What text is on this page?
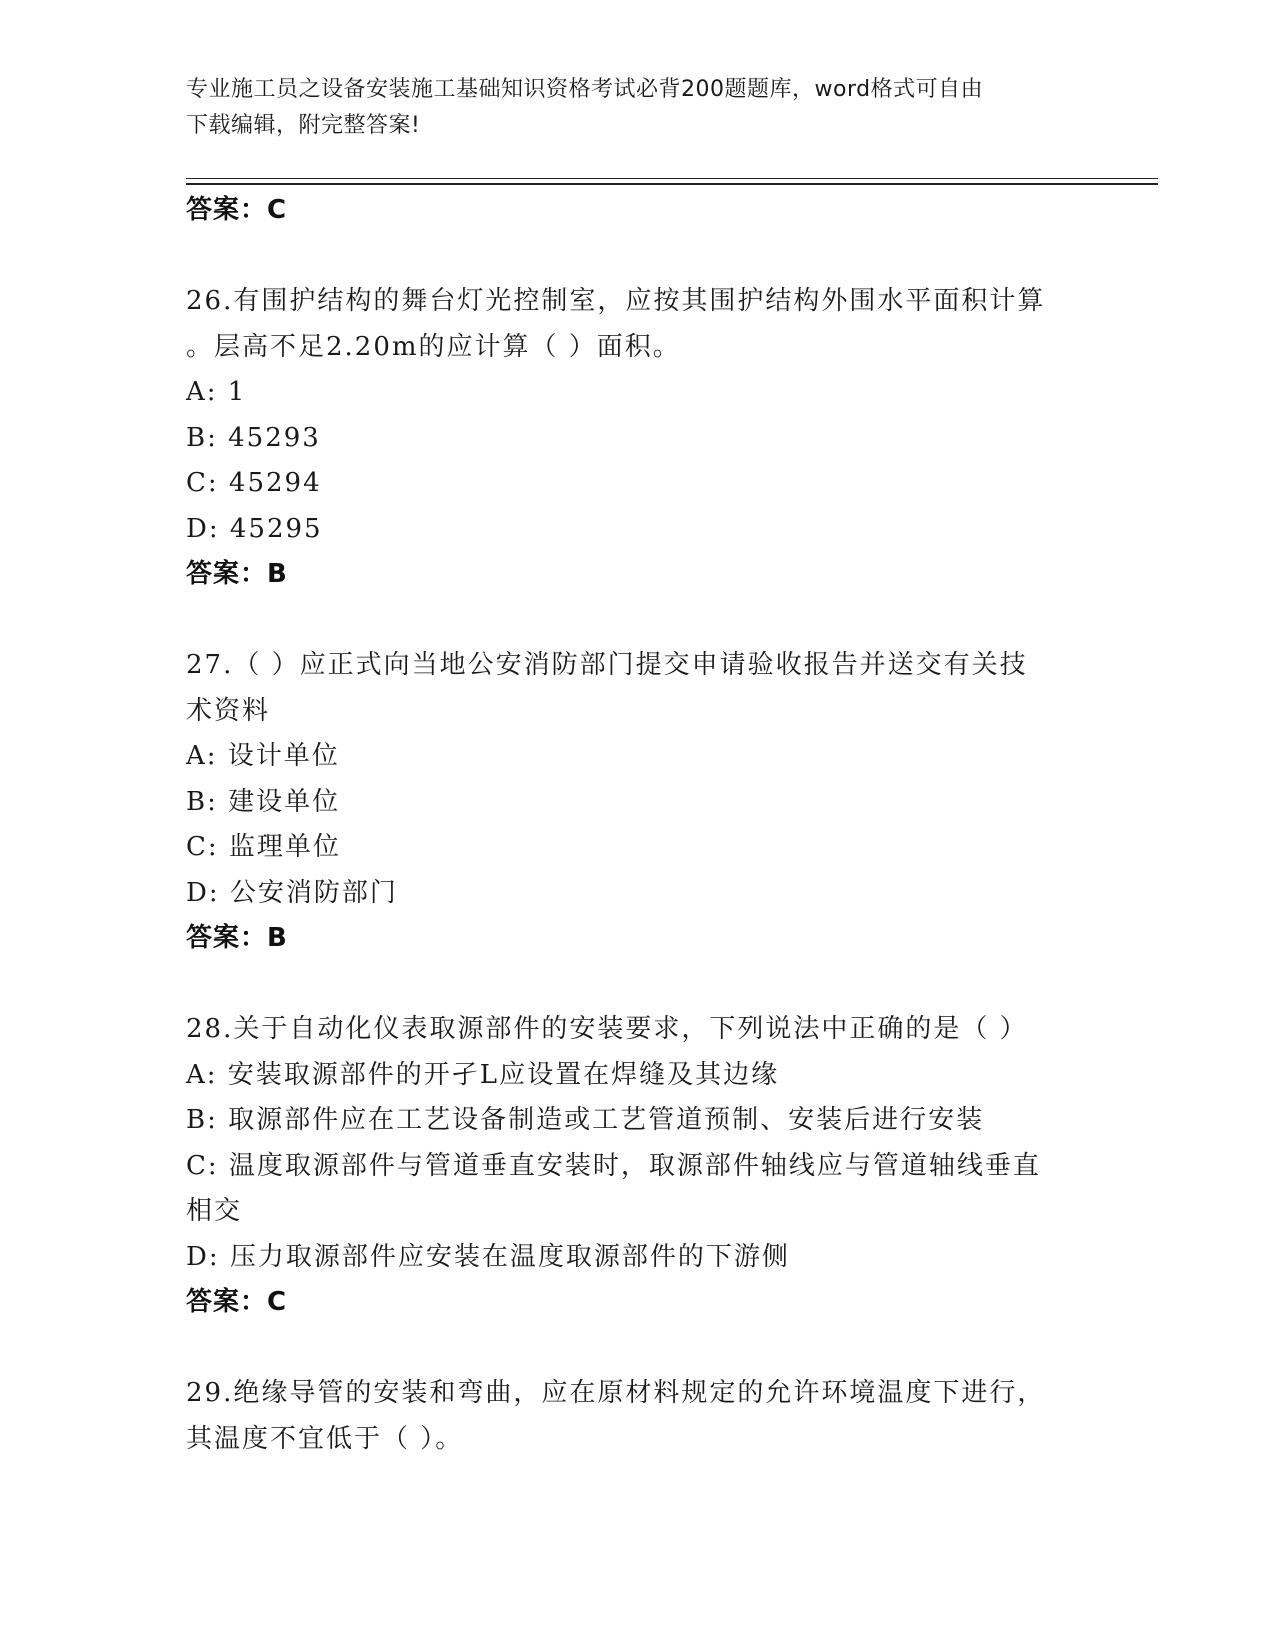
专业施工员之设备安装施工基础知识资格考试必背200题题库，word格式可自由
下载编辑，附完整答案!
答案：C
26.有围护结构的舞台灯光控制室，应按其围护结构外围水平面积计算
。层高不足2.20m的应计算（ ）面积。
A: 1
B: 45293
C: 45294
D: 45295
答案：B
27.（ ）应正式向当地公安消防部门提交申请验收报告并送交有关技
术资料
A: 设计单位
B: 建设单位
C: 监理单位
D: 公安消防部门
答案：B
28.关于自动化仪表取源部件的安装要求，下列说法中正确的是（ ）
A: 安装取源部件的开孑L应设置在焊缝及其边缘
B: 取源部件应在工艺设备制造或工艺管道预制、安装后进行安装
C: 温度取源部件与管道垂直安装时，取源部件轴线应与管道轴线垂直
相交
D: 压力取源部件应安装在温度取源部件的下游侧
答案：C
29.绝缘导管的安装和弯曲，应在原材料规定的允许环境温度下进行，
其温度不宜低于（ ）。
